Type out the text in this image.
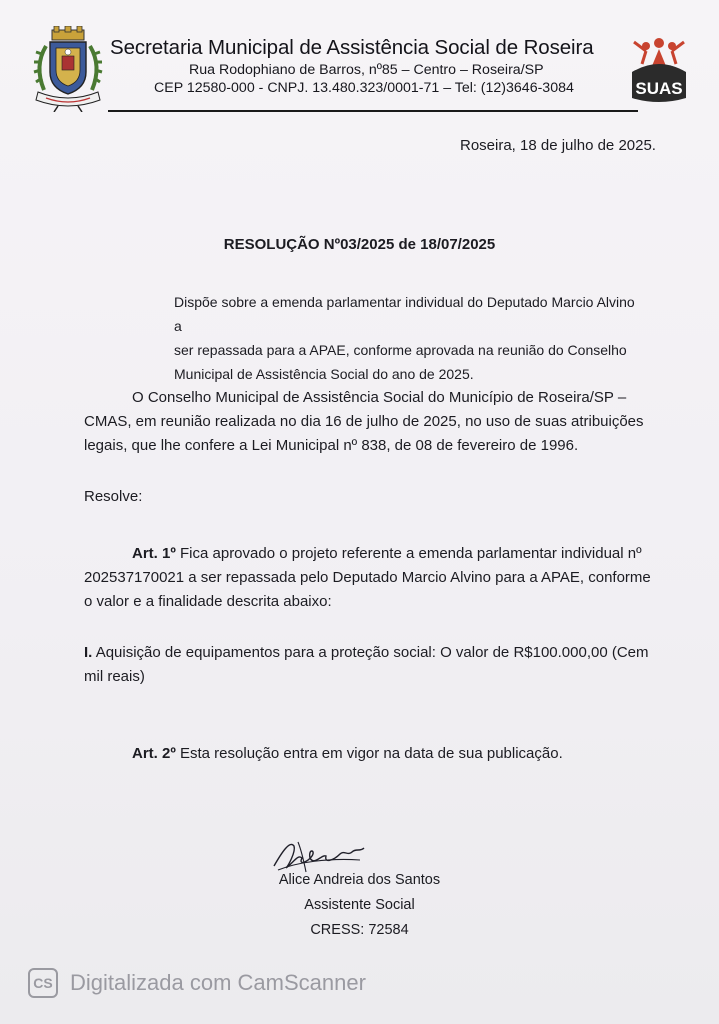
Secretaria Municipal de Assistência Social de Roseira
Rua Rodophiano de Barros, nº85 – Centro – Roseira/SP
CEP 12580-000 - CNPJ. 13.480.323/0001-71 – Tel: (12)3646-3084	SUAS
Roseira, 18 de julho de 2025.
RESOLUÇÃO Nº03/2025 de 18/07/2025
Dispõe sobre a emenda parlamentar individual do Deputado Marcio Alvino a
ser repassada para a APAE, conforme aprovada na reunião do Conselho
Municipal de Assistência Social do ano de 2025.
O Conselho Municipal de Assistência Social do Município de Roseira/SP –
CMAS, em reunião realizada no dia 16 de julho de 2025, no uso de suas atribuições
legais, que lhe confere a Lei Municipal nº 838, de 08 de fevereiro de 1996.
Resolve:
Art. 1º Fica aprovado o projeto referente a emenda parlamentar individual nº
202537170021 a ser repassada pelo Deputado Marcio Alvino para a APAE, conforme
o valor e a finalidade descrita abaixo:
I. Aquisição de equipamentos para a proteção social: O valor de R$100.000,00 (Cem
mil reais)
Art. 2º Esta resolução entra em vigor na data de sua publicação.
Alice Andreia dos Santos
Assistente Social
CRESS: 72584
CS Digitalizada com CamScanner
